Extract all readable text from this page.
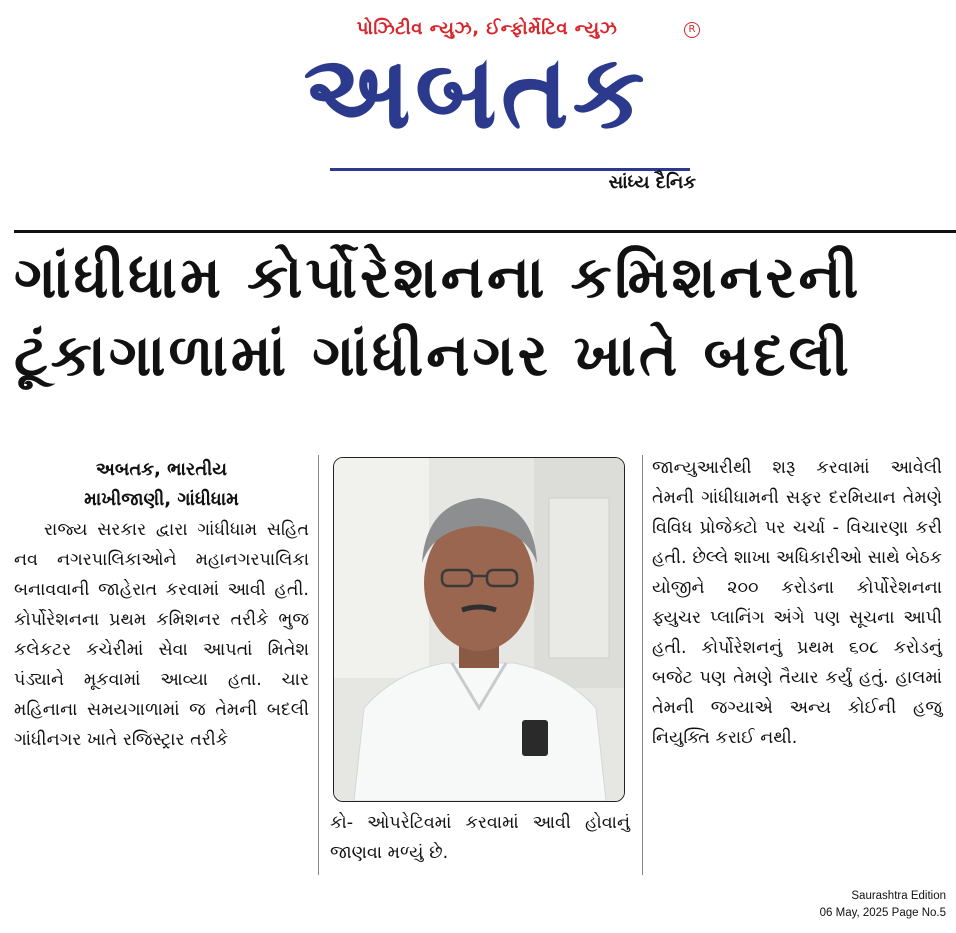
પોઝિટીવ ન્યુઝ, ઈન્ફોર્મેટિવ ન્યુઝ	R
અબતક
સાંધ્ય દૈનિક
ગાંધીધામ કોર્પોરેશનના કમિશનરની
ટૂંકાગાળામાં ગાંધીનગર ખાતે બદલી
અબતક, ભારતીય
માખીજાણી, ગાંધીધામ
રાજ્ય સરકાર દ્વારા ગાંધીધામ સહિત નવ નગરપાલિકાઓને મહાનગરપાલિકા બનાવવાની જાહેરાત કરવામાં આવી હતી. કોર્પોરેશનના પ્રથમ કમિશનર તરીકે ભુજ કલેકટર કચેરીમાં સેવા આપતાં મિતેશ પંડ્યાને મૂકવામાં આવ્યા હતા. ચાર મહિનાના સમયગાળામાં જ તેમની બદલી ગાંધીનગર ખાતે રજિસ્ટ્રાર તરીકે
કો- ઓપરેટિવમાં કરવામાં આવી હોવાનું જાણવા મળ્યું છે.
જાન્યુઆરીથી શરૂ કરવામાં આવેલી તેમની ગાંધીધામની સફર દરમિયાન તેમણે વિવિધ પ્રોજેક્ટો પર ચર્ચા - વિચારણા કરી હતી. છેલ્લે શાખા અધિકારીઓ સાથે બેઠક યોજીને ૨૦૦ કરોડના કોર્પોરેશનના ફ્યુચર પ્લાનિંગ અંગે પણ સૂચના આપી હતી. કોર્પોરેશનનું પ્રથમ ૬૦૮ કરોડનું બજેટ પણ તેમણે તૈયાર કર્યું હતું. હાલમાં તેમની જગ્યાએ અન્ય કોઈની હજુ નિયુક્તિ કરાઈ નથી.
Saurashtra Edition
06 May, 2025 Page No.5
